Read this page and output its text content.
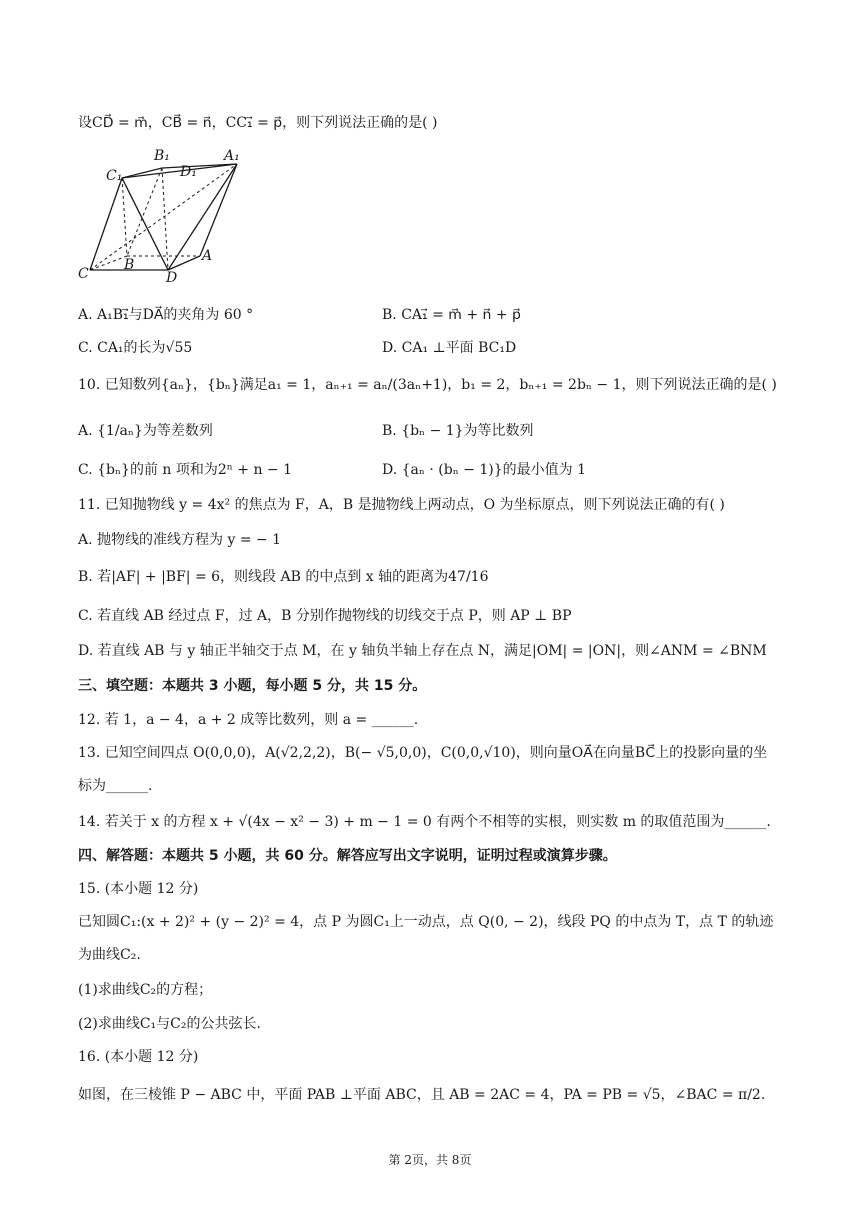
设CD⃗ = m⃗，CB⃗ = n⃗，CC₁⃗ = p⃗，则下列说法正确的是( )
C₁
B₁
D₁
A₁
C
B
D
A
A. A₁B₁⃗与DA⃗的夹角为 60 °	B. CA₁⃗ = m⃗ + n⃗ + p⃗
C. CA₁的长为√55	D. CA₁ ⊥平面 BC₁D
10. 已知数列{aₙ}，{bₙ}满足a₁ = 1，aₙ₊₁ = aₙ/(3aₙ+1)，b₁ = 2，bₙ₊₁ = 2bₙ − 1，则下列说法正确的是( )
A. {1/aₙ}为等差数列	B. {bₙ − 1}为等比数列
C. {bₙ}的前 n 项和为2ⁿ + n − 1	D. {aₙ · (bₙ − 1)}的最小值为 1
11. 已知抛物线 y = 4x² 的焦点为 F，A，B 是抛物线上两动点，O 为坐标原点，则下列说法正确的有( )
A. 抛物线的准线方程为 y = − 1
B. 若|AF| + |BF| = 6，则线段 AB 的中点到 x 轴的距离为47/16
C. 若直线 AB 经过点 F，过 A，B 分别作抛物线的切线交于点 P，则 AP ⊥ BP
D. 若直线 AB 与 y 轴正半轴交于点 M，在 y 轴负半轴上存在点 N，满足|OM| = |ON|，则∠ANM = ∠BNM
三、填空题：本题共 3 小题，每小题 5 分，共 15 分。
12. 若 1，a − 4，a + 2 成等比数列，则 a = ______.
13. 已知空间四点 O(0,0,0)，A(√2,2,2)，B(− √5,0,0)，C(0,0,√10)，则向量OA⃗在向量BC⃗上的投影向量的坐
标为______.
14. 若关于 x 的方程 x + √(4x − x² − 3) + m − 1 = 0 有两个不相等的实根，则实数 m 的取值范围为______.
四、解答题：本题共 5 小题，共 60 分。解答应写出文字说明，证明过程或演算步骤。
15. (本小题 12 分)
已知圆C₁:(x + 2)² + (y − 2)² = 4，点 P 为圆C₁上一动点，点 Q(0, − 2)，线段 PQ 的中点为 T，点 T 的轨迹
为曲线C₂.
(1)求曲线C₂的方程；
(2)求曲线C₁与C₂的公共弦长.
16. (本小题 12 分)
如图，在三棱锥 P − ABC 中，平面 PAB ⊥平面 ABC，且 AB = 2AC = 4，PA = PB = √5，∠BAC = π/2.
第 2页，共 8页
